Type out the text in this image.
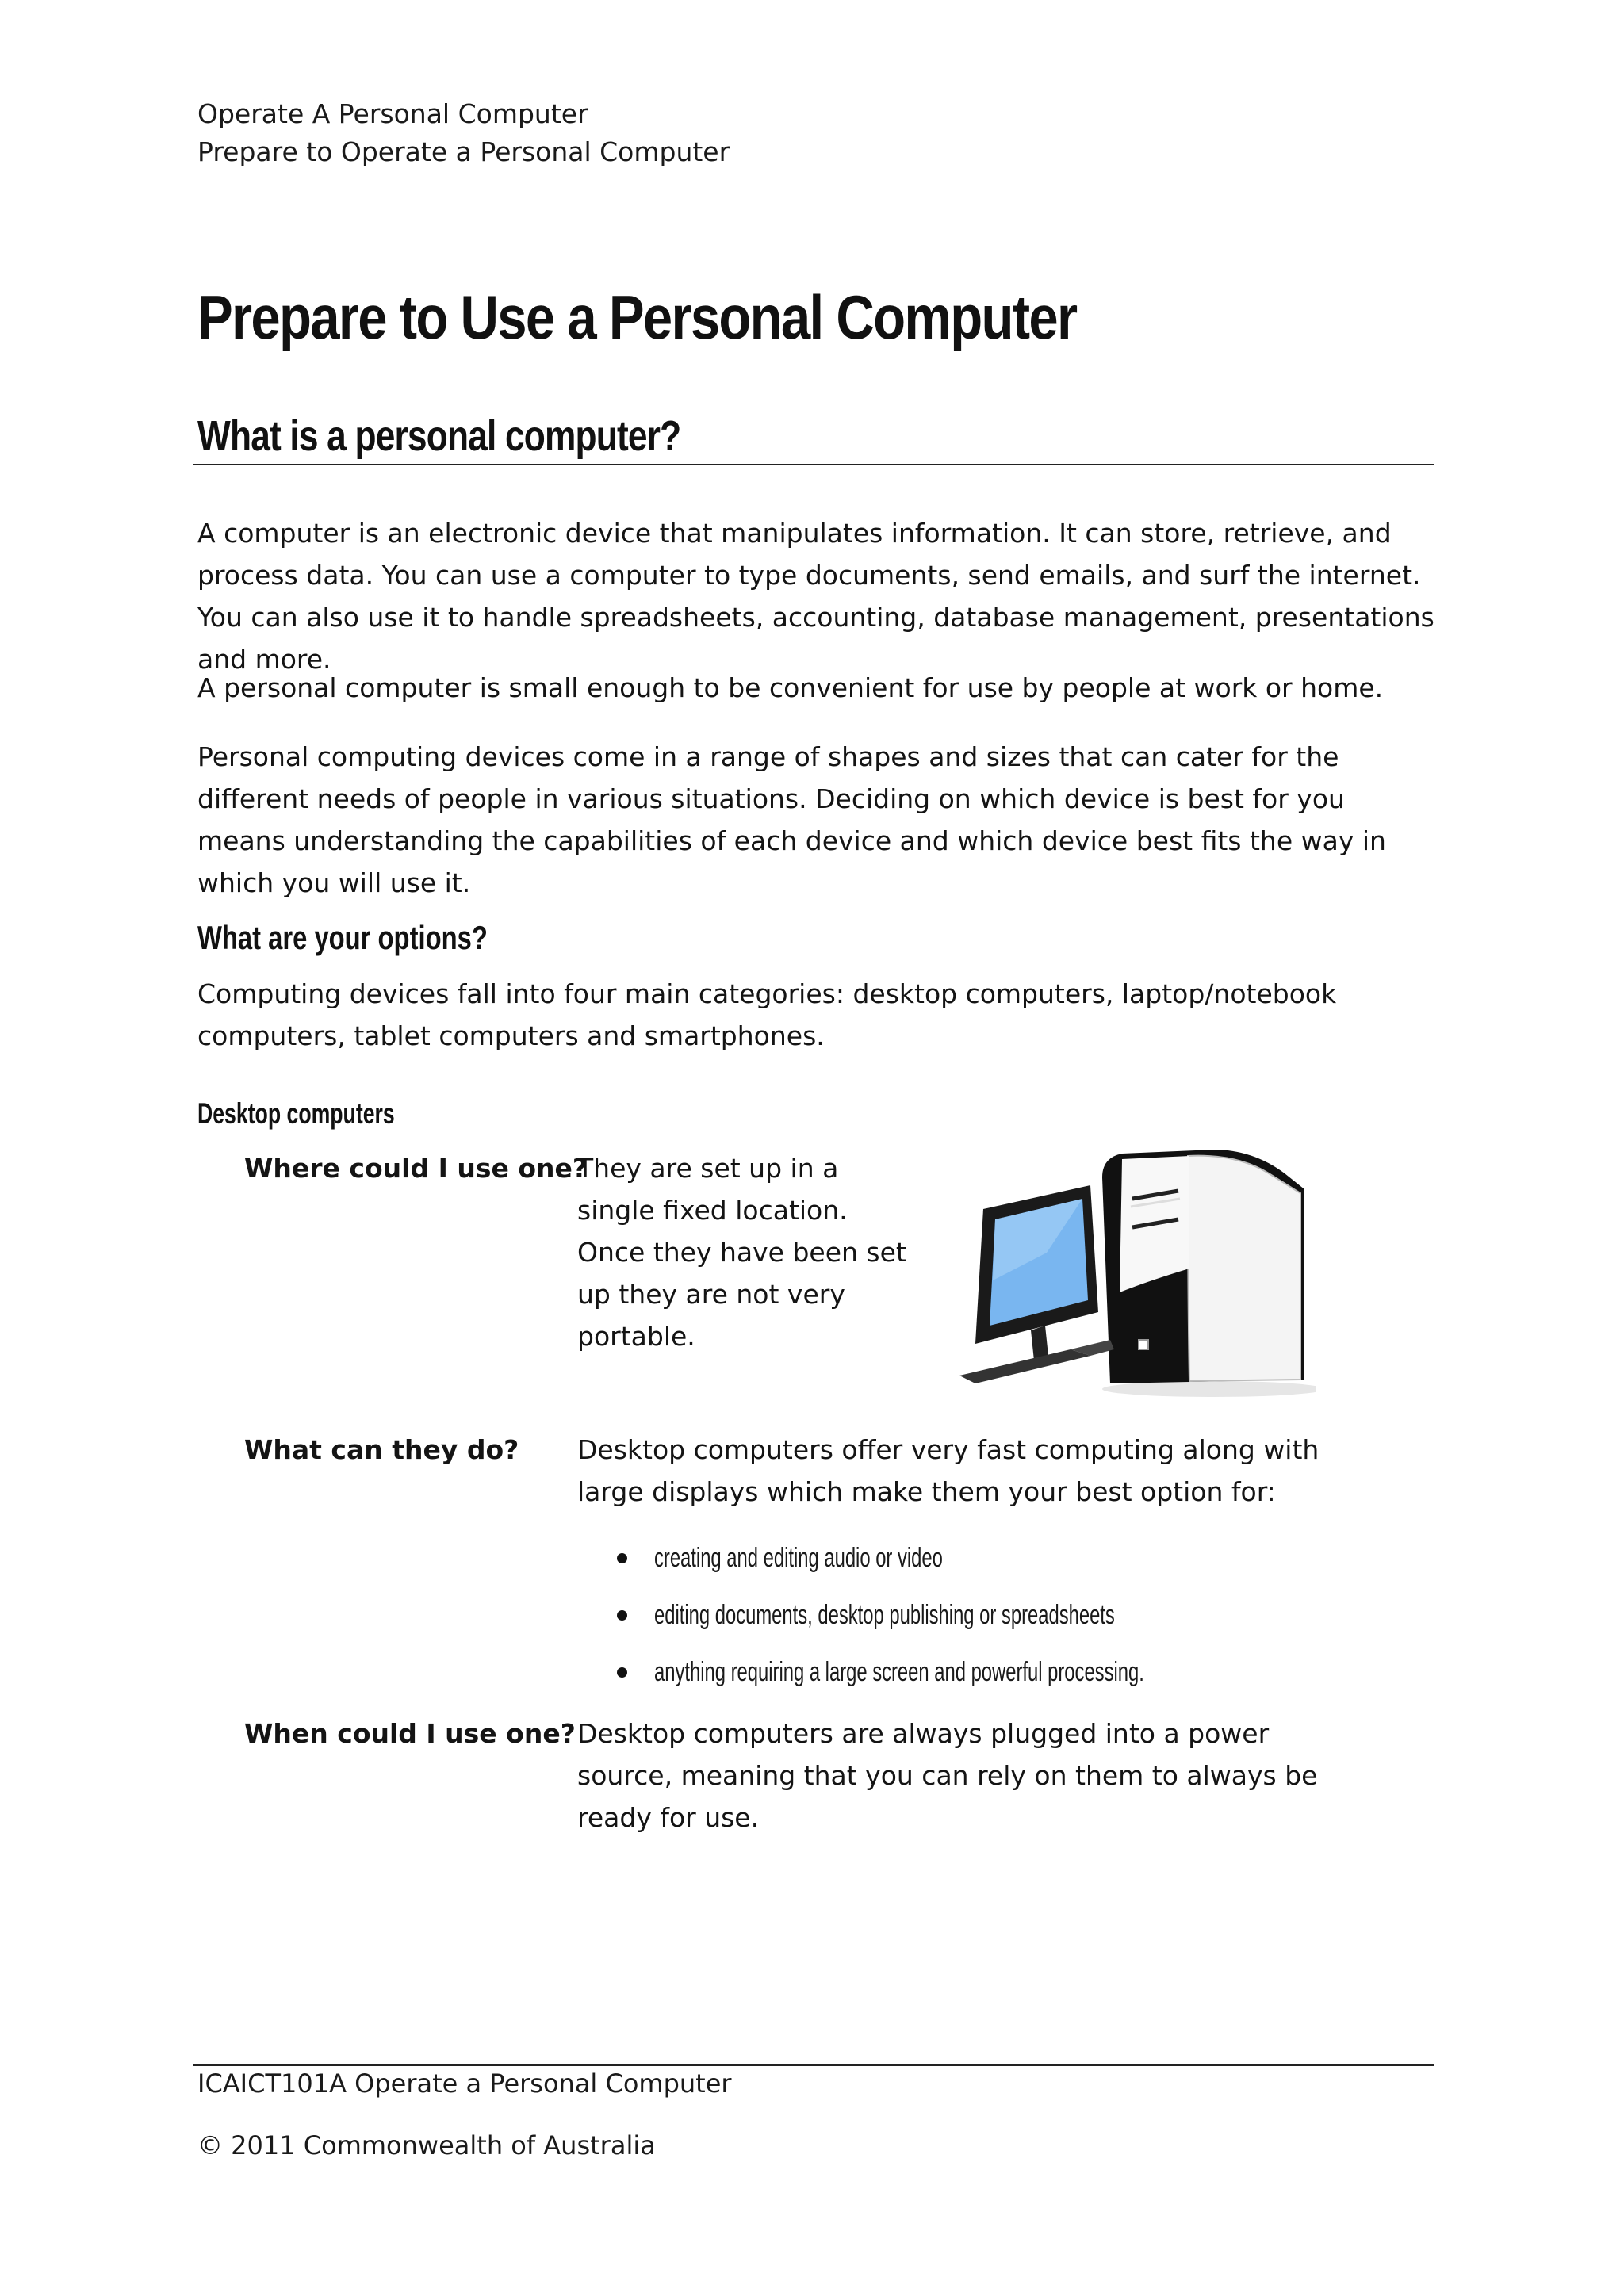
Operate A Personal Computer
Prepare to Operate a Personal Computer
Prepare to Use a Personal Computer
What is a personal computer?
A computer is an electronic device that manipulates information. It can store, retrieve, and process data. You can use a computer to type documents, send emails, and surf the internet. You can also use it to handle spreadsheets, accounting, database management, presentations and more.
A personal computer is small enough to be convenient for use by people at work or home.
Personal computing devices come in a range of shapes and sizes that can cater for the different needs of people in various situations. Deciding on which device is best for you means understanding the capabilities of each device and which device best fits the way in which you will use it.
What are your options?
Computing devices fall into four main categories: desktop computers, laptop/notebook computers, tablet computers and smartphones.
Desktop computers
Where could I use one?
They are set up in a single fixed location. Once they have been set up they are not very portable.
What can they do? Desktop computers offer very fast computing along with large displays which make them your best option for:
creating and editing audio or video
editing documents, desktop publishing or spreadsheets
anything requiring a large screen and powerful processing.
When could I use one? Desktop computers are always plugged into a power source, meaning that you can rely on them to always be ready for use.
ICAICT101A Operate a Personal Computer
© 2011 Commonwealth of Australia
